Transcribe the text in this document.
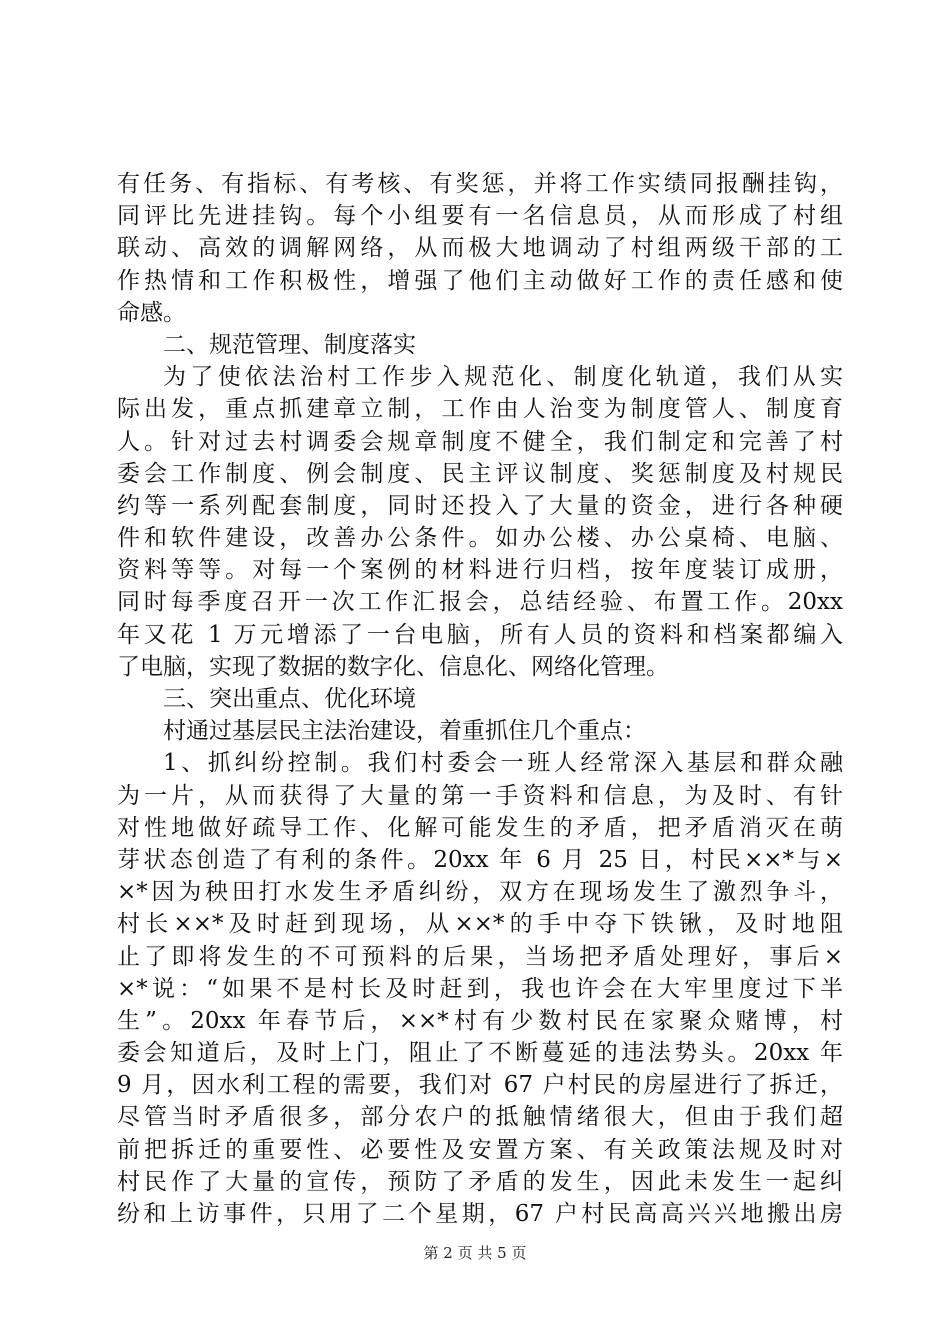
有任务、有指标、有考核、有奖惩，并将工作实绩同报酬挂钩，
同评比先进挂钩。每个小组要有一名信息员，从而形成了村组
联动、高效的调解网络，从而极大地调动了村组两级干部的工
作热情和工作积极性，增强了他们主动做好工作的责任感和使
命感。
二、规范管理、制度落实
为了使依法治村工作步入规范化、制度化轨道，我们从实
际出发，重点抓建章立制，工作由人治变为制度管人、制度育
人。针对过去村调委会规章制度不健全，我们制定和完善了村
委会工作制度、例会制度、民主评议制度、奖惩制度及村规民
约等一系列配套制度，同时还投入了大量的资金，进行各种硬
件和软件建设，改善办公条件。如办公楼、办公桌椅、电脑、
资料等等。对每一个案例的材料进行归档，按年度装订成册，
同时每季度召开一次工作汇报会，总结经验、布置工作。20xx
年又花 1 万元增添了一台电脑，所有人员的资料和档案都编入
了电脑，实现了数据的数字化、信息化、网络化管理。
三、突出重点、优化环境
村通过基层民主法治建设，着重抓住几个重点：
1、抓纠纷控制。我们村委会一班人经常深入基层和群众融
为一片，从而获得了大量的第一手资料和信息，为及时、有针
对性地做好疏导工作、化解可能发生的矛盾，把矛盾消灭在萌
芽状态创造了有利的条件。20xx 年 6 月 25 日，村民××*与×
×*因为秧田打水发生矛盾纠纷，双方在现场发生了激烈争斗，
村长××*及时赶到现场，从××*的手中夺下铁锹，及时地阻
止了即将发生的不可预料的后果，当场把矛盾处理好，事后×
×*说：“如果不是村长及时赶到，我也许会在大牢里度过下半
生”。20xx 年春节后，××*村有少数村民在家聚众赌博，村
委会知道后，及时上门，阻止了不断蔓延的违法势头。20xx 年
9 月，因水利工程的需要，我们对 67 户村民的房屋进行了拆迁，
尽管当时矛盾很多，部分农户的抵触情绪很大，但由于我们超
前把拆迁的重要性、必要性及安置方案、有关政策法规及时对
村民作了大量的宣传，预防了矛盾的发生，因此未发生一起纠
纷和上访事件，只用了二个星期，67 户村民高高兴兴地搬出房
第 2 页 共 5 页
